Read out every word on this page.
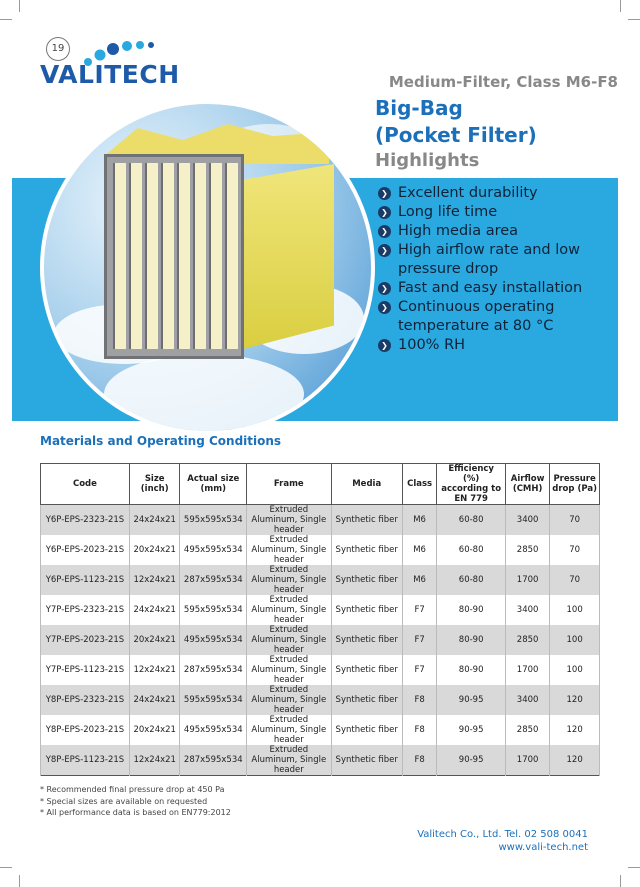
19
VALITECH	Medium-Filter, Class M6-F8
Big-Bag
(Pocket Filter)
Highlights
❯ Excellent durability
❯ Long life time
❯ High media area
❯ High airflow rate and low pressure drop
❯ Fast and easy installation
❯ Continuous operating temperature at 80 °C
❯ 100% RH
Materials and Operating Conditions
Code	Size (inch)	Actual size (mm)	Frame	Media	Class	Efficiency (%) according to EN 779	Airflow (CMH)	Pressure drop (Pa)
Y6P-EPS-2323-21S	24x24x21	595x595x534	Extruded Aluminum, Single header	Synthetic fiber	M6	60-80	3400	70
Y6P-EPS-2023-21S	20x24x21	495x595x534	Extruded Aluminum, Single header	Synthetic fiber	M6	60-80	2850	70
Y6P-EPS-1123-21S	12x24x21	287x595x534	Extruded Aluminum, Single header	Synthetic fiber	M6	60-80	1700	70
Y7P-EPS-2323-21S	24x24x21	595x595x534	Extruded Aluminum, Single header	Synthetic fiber	F7	80-90	3400	100
Y7P-EPS-2023-21S	20x24x21	495x595x534	Extruded Aluminum, Single header	Synthetic fiber	F7	80-90	2850	100
Y7P-EPS-1123-21S	12x24x21	287x595x534	Extruded Aluminum, Single header	Synthetic fiber	F7	80-90	1700	100
Y8P-EPS-2323-21S	24x24x21	595x595x534	Extruded Aluminum, Single header	Synthetic fiber	F8	90-95	3400	120
Y8P-EPS-2023-21S	20x24x21	495x595x534	Extruded Aluminum, Single header	Synthetic fiber	F8	90-95	2850	120
Y8P-EPS-1123-21S	12x24x21	287x595x534	Extruded Aluminum, Single header	Synthetic fiber	F8	90-95	1700	120
* Recommended final pressure drop at 450 Pa
* Special sizes are available on requested
* All performance data is based on EN779:2012
Valitech Co., Ltd. Tel. 02 508 0041
www.vali-tech.net
